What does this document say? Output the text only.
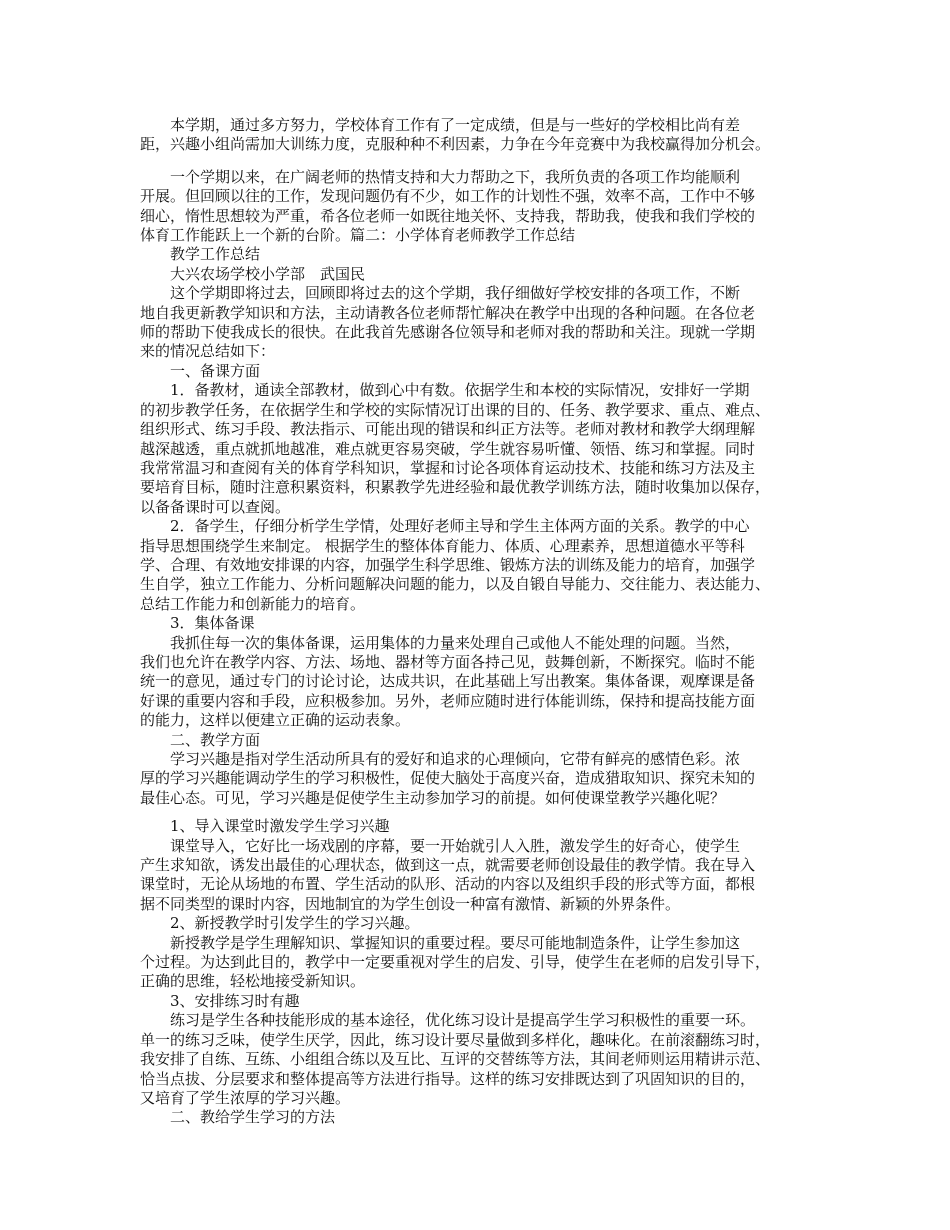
　　本学期，通过多方努力，学校体育工作有了一定成绩，但是与一些好的学校相比尚有差
距，兴趣小组尚需加大训练力度，克服种种不利因素，力争在今年竞赛中为我校赢得加分机会。
　　一个学期以来，在广阔老师的热情支持和大力帮助之下，我所负责的各项工作均能顺利
开展。但回顾以往的工作，发现问题仍有不少，如工作的计划性不强，效率不高，工作中不够
细心，惰性思想较为严重，希各位老师一如既往地关怀、支持我，帮助我，使我和我们学校的
体育工作能跃上一个新的台阶。篇二：小学体育老师教学工作总结
　　教学工作总结
　　大兴农场学校小学部　武国民
　　这个学期即将过去，回顾即将过去的这个学期，我仔细做好学校安排的各项工作，不断
地自我更新教学知识和方法，主动请教各位老师帮忙解决在教学中出现的各种问题。在各位老
师的帮助下使我成长的很快。在此我首先感谢各位领导和老师对我的帮助和关注。现就一学期
来的情况总结如下：
　　一、备课方面
　　1．备教材，通读全部教材，做到心中有数。依据学生和本校的实际情况，安排好一学期
的初步教学任务，在依据学生和学校的实际情况订出课的目的、任务、教学要求、重点、难点、
组织形式、练习手段、教法指示、可能出现的错误和纠正方法等。老师对教材和教学大纲理解
越深越透，重点就抓地越准，难点就更容易突破，学生就容易听懂、领悟、练习和掌握。同时
我常常温习和查阅有关的体育学科知识，掌握和讨论各项体育运动技术、技能和练习方法及主
要培育目标，随时注意积累资料，积累教学先进经验和最优教学训练方法，随时收集加以保存，
以备备课时可以查阅。
　　2．备学生，仔细分析学生学情，处理好老师主导和学生主体两方面的关系。教学的中心
指导思想围绕学生来制定。 根据学生的整体体育能力、体质、心理素养，思想道德水平等科
学、合理、有效地安排课的内容，加强学生科学思维、锻炼方法的训练及能力的培育，加强学
生自学，独立工作能力、分析问题解决问题的能力，以及自锻自导能力、交往能力、表达能力、
总结工作能力和创新能力的培育。
　　3．集体备课
　　我抓住每一次的集体备课，运用集体的力量来处理自己或他人不能处理的问题。当然，
我们也允许在教学内容、方法、场地、器材等方面各持己见，鼓舞创新，不断探究。临时不能
统一的意见，通过专门的讨论讨论，达成共识，在此基础上写出教案。集体备课，观摩课是备
好课的重要内容和手段，应积极参加。另外，老师应随时进行体能训练，保持和提高技能方面
的能力，这样以便建立正确的运动表象。
　　二、教学方面
　　学习兴趣是指对学生活动所具有的爱好和追求的心理倾向，它带有鲜亮的感情色彩。浓
厚的学习兴趣能调动学生的学习积极性，促使大脑处于高度兴奋，造成猎取知识、探究未知的
最佳心态。可见，学习兴趣是促使学生主动参加学习的前提。如何使课堂教学兴趣化呢？
　　1、导入课堂时激发学生学习兴趣
　　课堂导入，它好比一场戏剧的序幕，要一开始就引人入胜，激发学生的好奇心，使学生
产生求知欲，诱发出最佳的心理状态，做到这一点，就需要老师创设最佳的教学情。我在导入
课堂时，无论从场地的布置、学生活动的队形、活动的内容以及组织手段的形式等方面，都根
据不同类型的课时内容，因地制宜的为学生创设一种富有激情、新颖的外界条件。
　　2、新授教学时引发学生的学习兴趣。
　　新授教学是学生理解知识、掌握知识的重要过程。要尽可能地制造条件，让学生参加这
个过程。为达到此目的，教学中一定要重视对学生的启发、引导，使学生在老师的启发引导下，
正确的思维，轻松地接受新知识。
　　3、安排练习时有趣
　　练习是学生各种技能形成的基本途径，优化练习设计是提高学生学习积极性的重要一环。
单一的练习乏味，使学生厌学，因此，练习设计要尽量做到多样化，趣味化。在前滚翻练习时，
我安排了自练、互练、小组组合练以及互比、互评的交替练等方法，其间老师则运用精讲示范、
恰当点拔、分层要求和整体提高等方法进行指导。这样的练习安排既达到了巩固知识的目的，
又培育了学生浓厚的学习兴趣。
　　二、教给学生学习的方法
